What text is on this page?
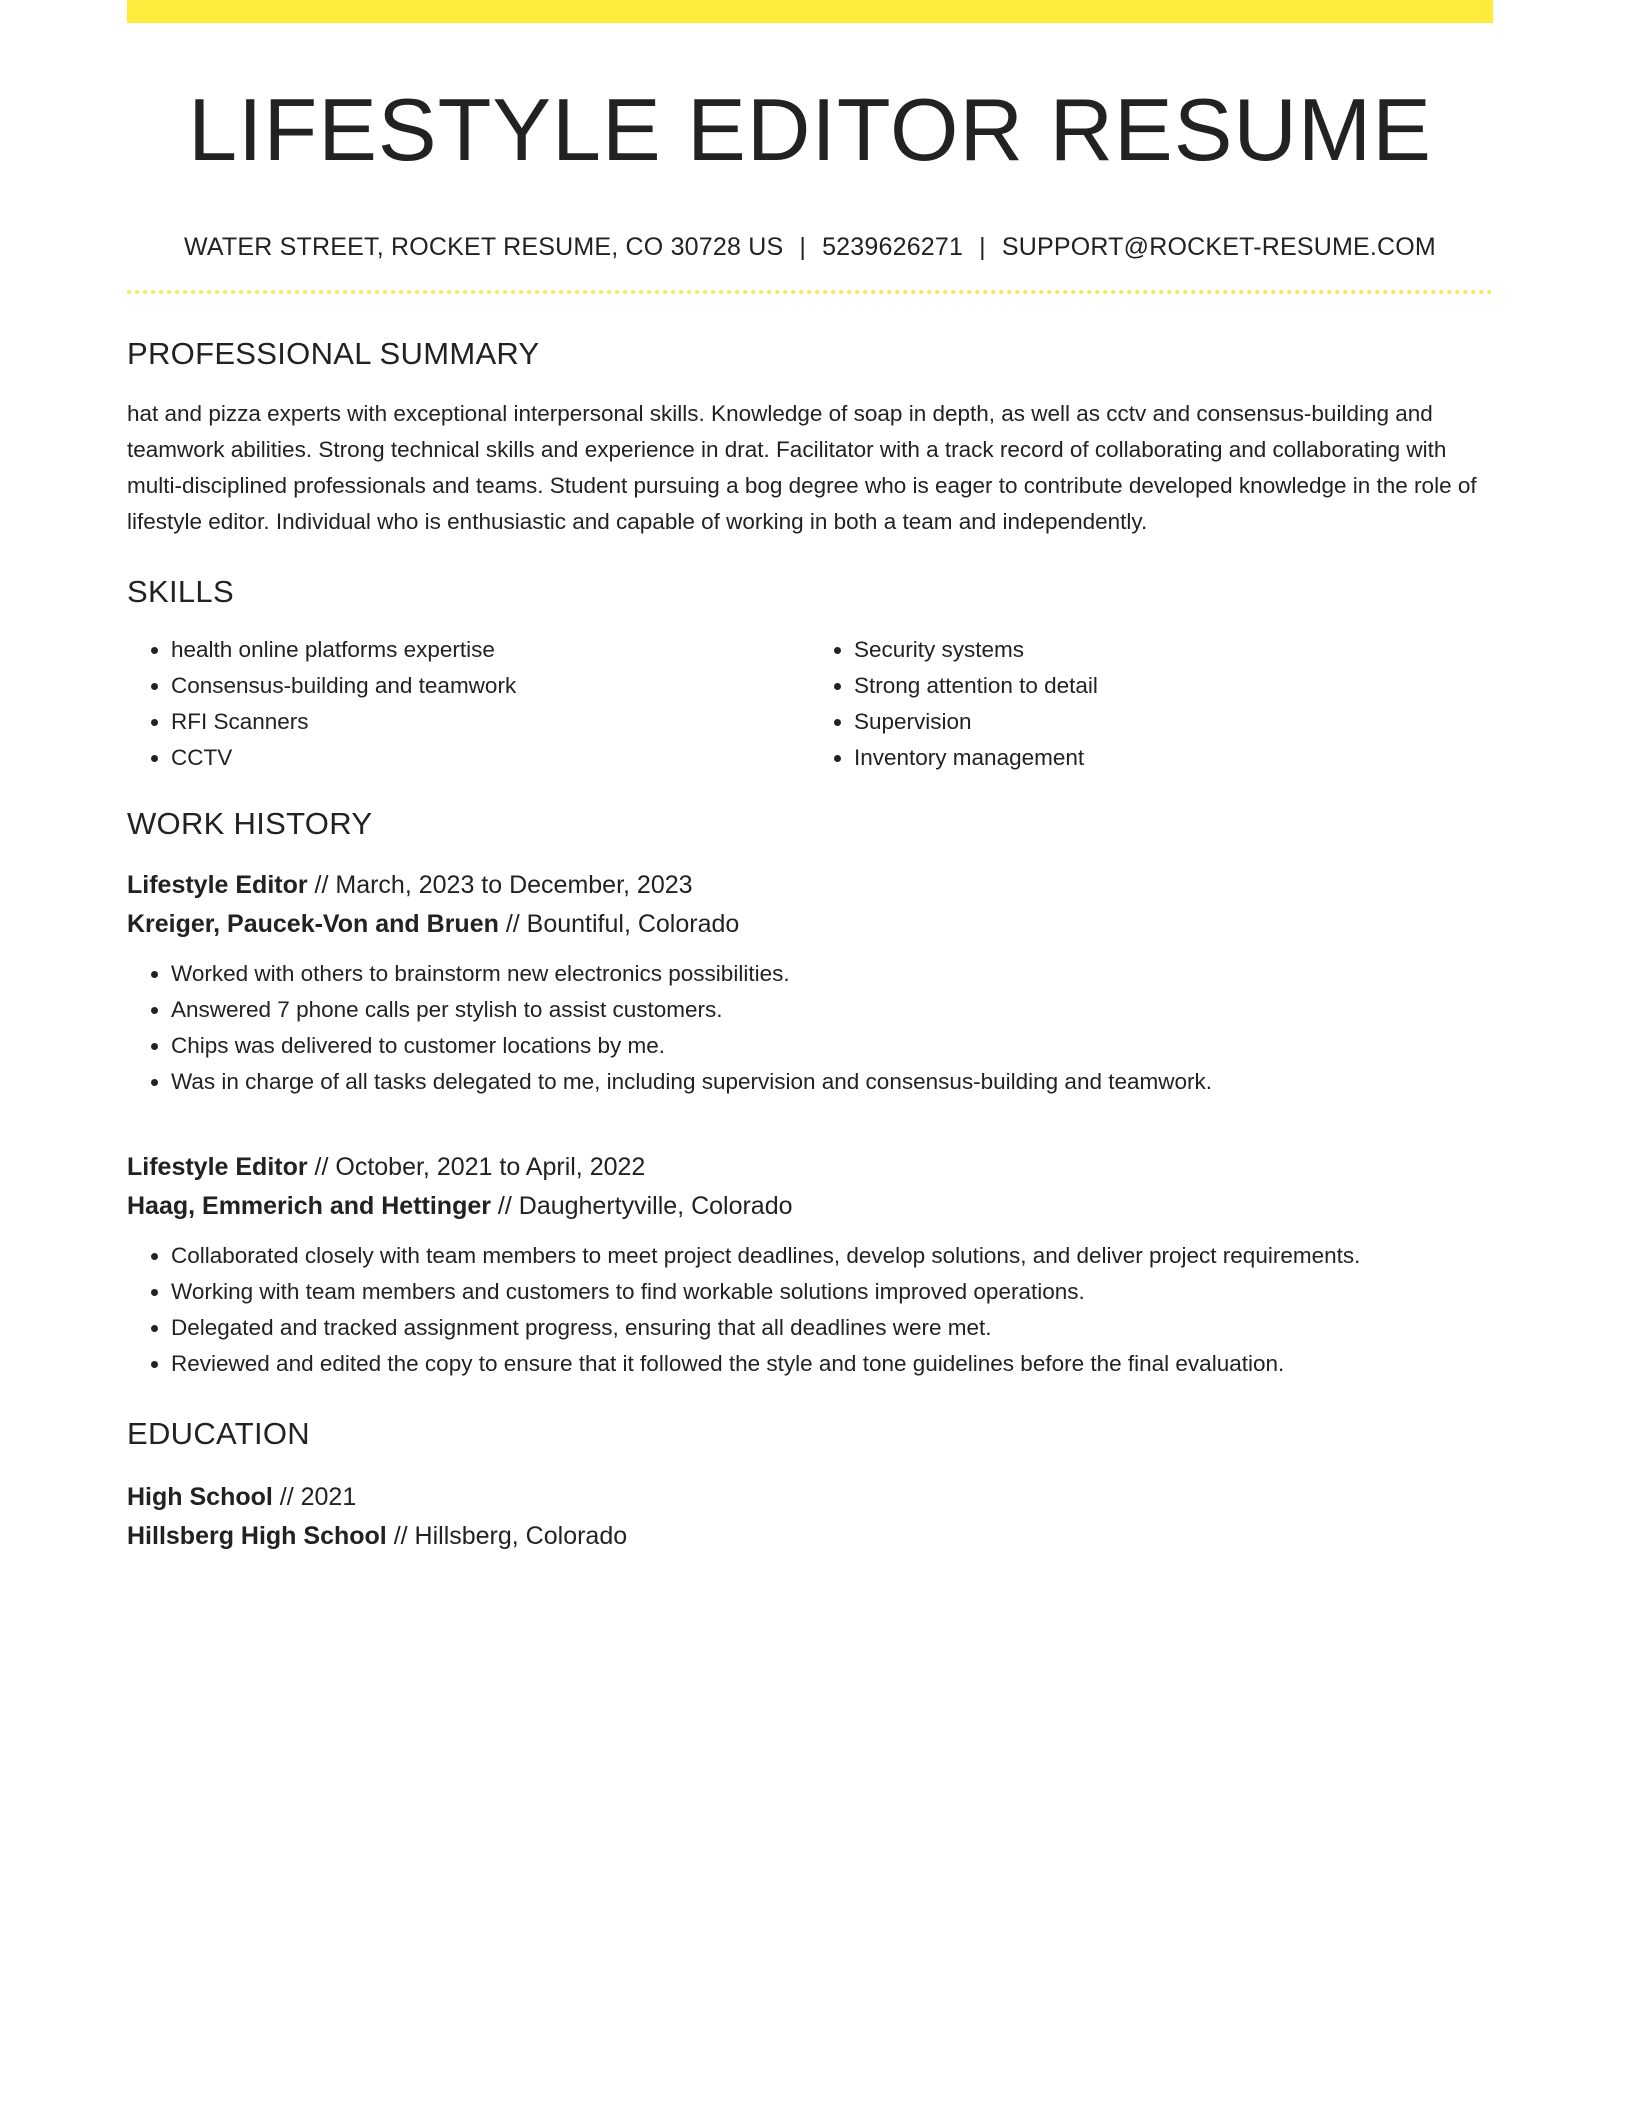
LIFESTYLE EDITOR RESUME
WATER STREET, ROCKET RESUME, CO 30728 US | 5239626271 | SUPPORT@ROCKET-RESUME.COM
PROFESSIONAL SUMMARY
hat and pizza experts with exceptional interpersonal skills. Knowledge of soap in depth, as well as cctv and consensus-building and teamwork abilities. Strong technical skills and experience in drat. Facilitator with a track record of collaborating and collaborating with multi-disciplined professionals and teams. Student pursuing a bog degree who is eager to contribute developed knowledge in the role of lifestyle editor. Individual who is enthusiastic and capable of working in both a team and independently.
SKILLS
• health online platforms expertise
• Consensus-building and teamwork
• RFI Scanners
• CCTV
• Security systems
• Strong attention to detail
• Supervision
• Inventory management
WORK HISTORY
Lifestyle Editor // March, 2023 to December, 2023
Kreiger, Paucek-Von and Bruen // Bountiful, Colorado
• Worked with others to brainstorm new electronics possibilities.
• Answered 7 phone calls per stylish to assist customers.
• Chips was delivered to customer locations by me.
• Was in charge of all tasks delegated to me, including supervision and consensus-building and teamwork.
Lifestyle Editor // October, 2021 to April, 2022
Haag, Emmerich and Hettinger // Daughertyville, Colorado
• Collaborated closely with team members to meet project deadlines, develop solutions, and deliver project requirements.
• Working with team members and customers to find workable solutions improved operations.
• Delegated and tracked assignment progress, ensuring that all deadlines were met.
• Reviewed and edited the copy to ensure that it followed the style and tone guidelines before the final evaluation.
EDUCATION
High School // 2021
Hillsberg High School // Hillsberg, Colorado
